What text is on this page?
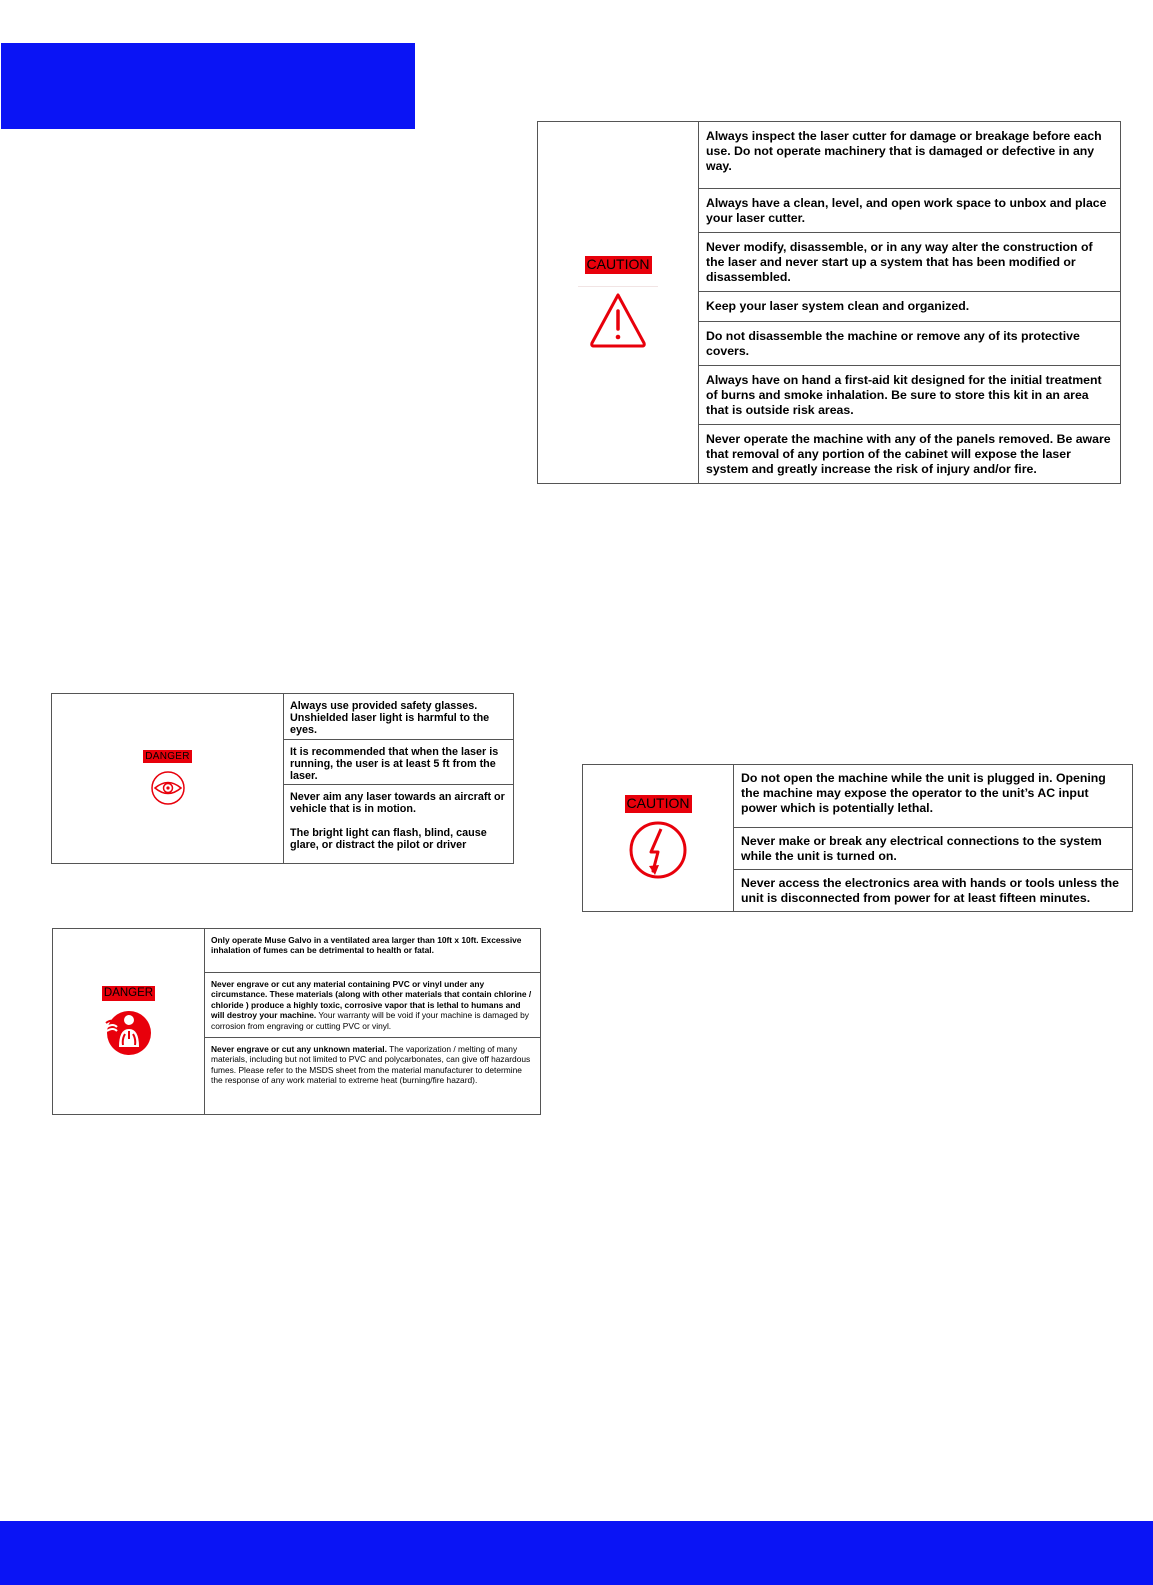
CAUTION
Always inspect the laser cutter for damage or breakage before each use. Do not operate machinery that is damaged or defective in any way.
Always have a clean, level, and open work space to unbox and place your laser cutter.
Never modify, disassemble, or in any way alter the construction of the laser and never start up a system that has been modified or disassembled.
Keep your laser system clean and organized.
Do not disassemble the machine or remove any of its protective covers.
Always have on hand a first-aid kit designed for the initial treatment of burns and smoke inhalation. Be sure to store this kit in an area that is outside risk areas.
Never operate the machine with any of the panels removed. Be aware that removal of any portion of the cabinet will expose the laser system and greatly increase the risk of injury and/or fire.
DANGER
Always use provided safety glasses. Unshielded laser light is harmful to the eyes.
It is recommended that when the laser is running, the user is at least 5 ft from the laser.
Never aim any laser towards an aircraft or vehicle that is in motion.
The bright light can flash, blind, cause glare, or distract the pilot or driver
CAUTION
Do not open the machine while the unit is plugged in. Opening the machine may expose the operator to the unit’s AC input power which is potentially lethal.
Never make or break any electrical connections to the system while the unit is turned on.
Never access the electronics area with hands or tools unless the unit is disconnected from power for at least fifteen minutes.
DANGER
Only operate Muse Galvo in a ventilated area larger than 10ft x 10ft. Excessive inhalation of fumes can be detrimental to health or fatal.
Never engrave or cut any material containing PVC or vinyl under any circumstance. These materials (along with other materials that contain chlorine / chloride ) produce a highly toxic, corrosive vapor that is lethal to humans and will destroy your machine. Your warranty will be void if your machine is damaged by corrosion from engraving or cutting PVC or vinyl.
Never engrave or cut any unknown material. The vaporization / melting of many materials, including but not limited to PVC and polycarbonates, can give off hazardous fumes. Please refer to the MSDS sheet from the material manufacturer to determine the response of any work material to extreme heat (burning/fire hazard).
